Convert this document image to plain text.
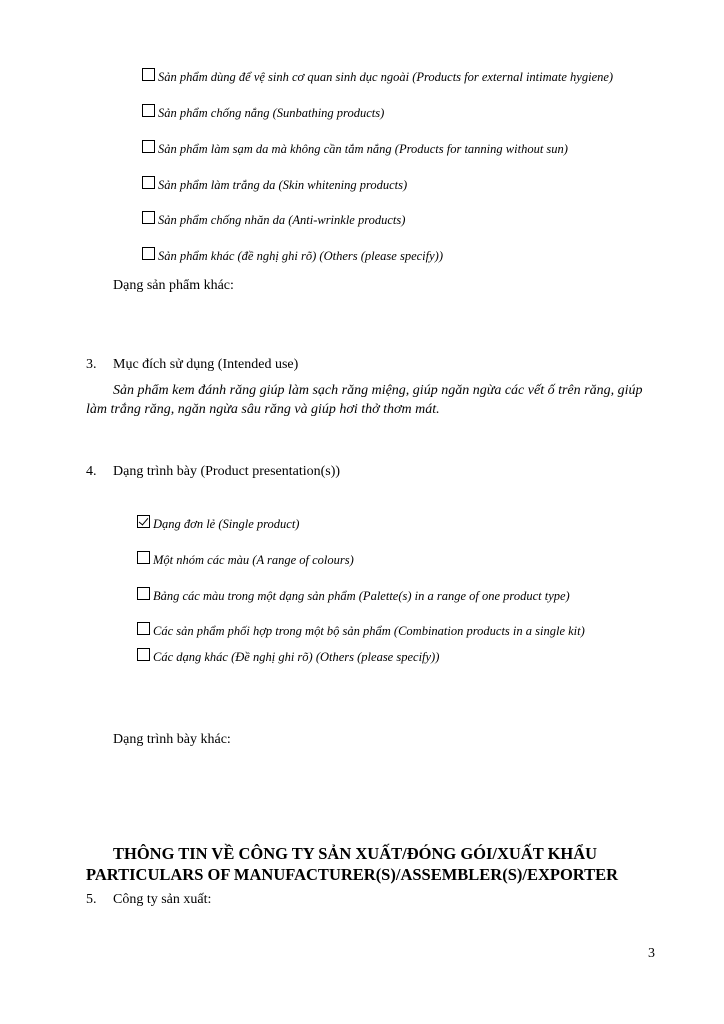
Sản phẩm dùng để vệ sinh cơ quan sinh dục ngoài (Products for external intimate hygiene)
Sản phẩm chống nắng (Sunbathing products)
Sản phẩm làm sạm da mà không cần tắm nắng (Products for tanning without sun)
Sản phẩm làm trắng da (Skin whitening products)
Sản phẩm chống nhăn da (Anti-wrinkle products)
Sản phẩm khác (đề nghị ghi rõ) (Others (please specify))
Dạng sản phẩm khác:
3. Mục đích sử dụng (Intended use)
Sản phẩm kem đánh răng giúp làm sạch răng miệng, giúp ngăn ngừa các vết ố trên răng, giúp
làm trắng răng, ngăn ngừa sâu răng và giúp hơi thở thơm mát.
4. Dạng trình bày (Product presentation(s))
Dạng đơn lẻ (Single product)
Một nhóm các màu (A range of colours)
Bảng các màu trong một dạng sản phẩm (Palette(s) in a range of one product type)
Các sản phẩm phối hợp trong một bộ sản phẩm (Combination products in a single kit)
Các dạng khác (Đề nghị ghi rõ) (Others (please specify))
Dạng trình bày khác:
THÔNG TIN VỀ CÔNG TY SẢN XUẤT/ĐÓNG GÓI/XUẤT KHẨU
PARTICULARS OF MANUFACTURER(S)/ASSEMBLER(S)/EXPORTER
5. Công ty sản xuất:
3
